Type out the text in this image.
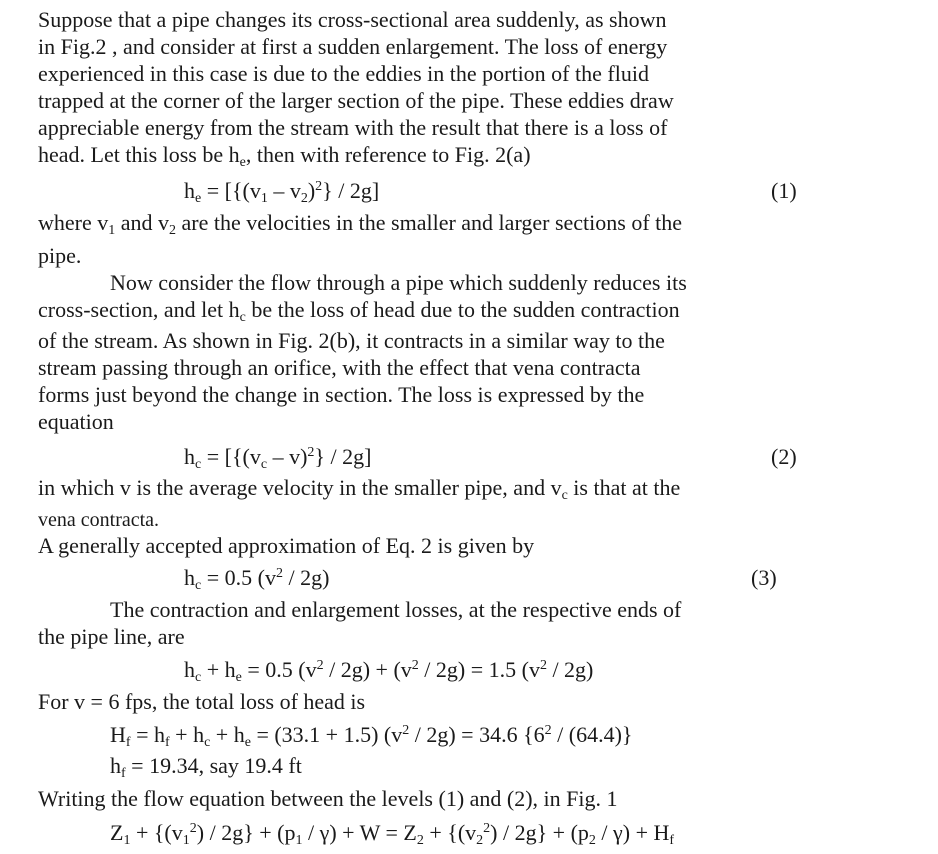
Suppose that a pipe changes its cross-sectional area suddenly, as shown
in Fig.2 , and consider at first a sudden enlargement. The loss of energy
experienced in this case is due to the eddies in the portion of the fluid
trapped at the corner of the larger section of the pipe. These eddies draw
appreciable energy from the stream with the result that there is a loss of
head. Let this loss be $h_e$, then with reference to Fig. 2(a)
$h_e = [\{(v_1 - v_2)^2\} / 2g]$	(1)
where $v_1$ and $v_2$ are the velocities in the smaller and larger sections of the
pipe.
Now consider the flow through a pipe which suddenly reduces its
cross-section, and let $h_c$ be the loss of head due to the sudden contraction
of the stream. As shown in Fig. 2(b), it contracts in a similar way to the
stream passing through an orifice, with the effect that vena contracta
forms just beyond the change in section. The loss is expressed by the
equation
$h_c = [\{(v_c - v)^2\} / 2g]$	(2)
in which v is the average velocity in the smaller pipe, and $v_c$ is that at the
vena contracta.
A generally accepted approximation of Eq. 2 is given by
$h_c = 0.5$ $(v^2 / 2g)$	(3)
The contraction and enlargement losses, at the respective ends of
the pipe line, are
$h_c + h_e = 0.5$ $(v^2 / 2g) + (v^2 / 2g) = 1.5$ $(v^2 / 2g)$
For v = 6 fps, the total loss of head is
$H_f = h_f + h_c + h_e = (33.1 + 1.5)$ $(v^2 / 2g) = 34.6$ $\{6^2 / (64.4)\}$
$h_f = 19.34$, say 19.4 ft
Writing the flow equation between the levels (1) and (2), in Fig. 1
$Z_1 + \{(v_1^2) / 2g\} + (p_1 / \gamma) + W = Z_2 + \{(v_2^2) / 2g\} + (p_2 / \gamma) + H_f$
